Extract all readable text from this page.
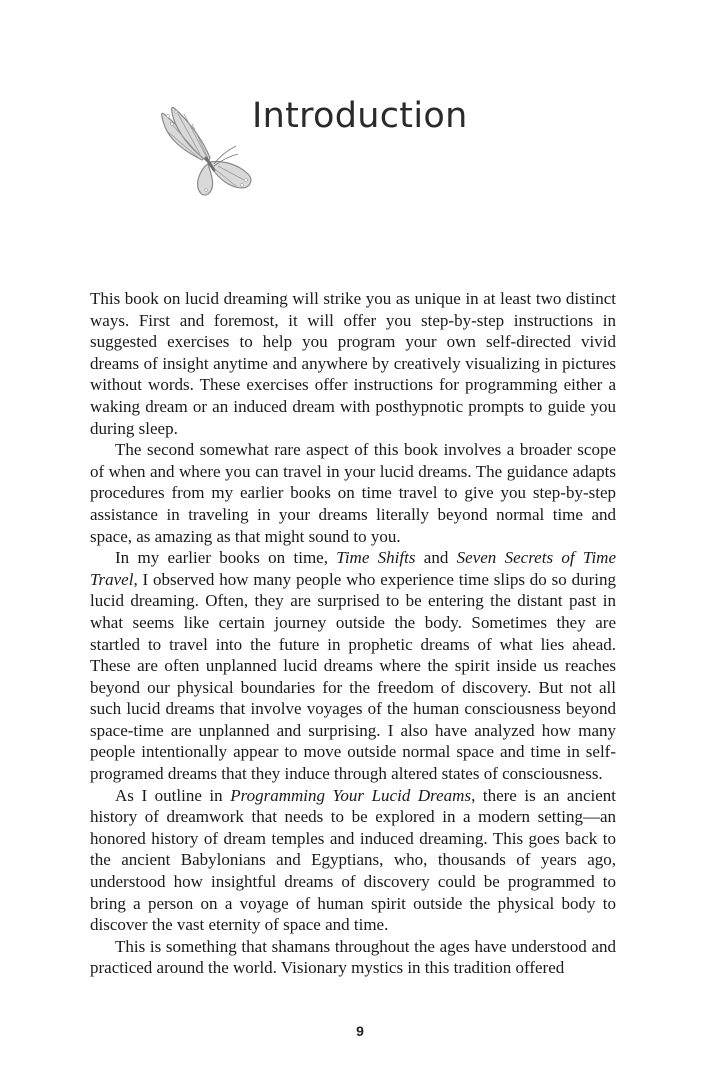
Introduction

This book on lucid dreaming will strike you as unique in at least two distinct ways. First and foremost, it will offer you step-by-step instructions in suggested exercises to help you program your own self-directed vivid dreams of insight anytime and anywhere by creatively visualizing in pictures without words. These exercises offer instructions for programming either a waking dream or an induced dream with posthypnotic prompts to guide you during sleep.

The second somewhat rare aspect of this book involves a broader scope of when and where you can travel in your lucid dreams. The guidance adapts procedures from my earlier books on time travel to give you step-by-step assistance in traveling in your dreams literally beyond normal time and space, as amazing as that might sound to you.

In my earlier books on time, Time Shifts and Seven Secrets of Time Travel, I observed how many people who experience time slips do so during lucid dreaming. Often, they are surprised to be entering the distant past in what seems like certain journey outside the body. Sometimes they are startled to travel into the future in prophetic dreams of what lies ahead. These are often unplanned lucid dreams where the spirit inside us reaches beyond our physical boundaries for the freedom of discovery. But not all such lucid dreams that involve voyages of the human consciousness beyond space-time are unplanned and surprising. I also have analyzed how many people intentionally appear to move outside normal space and time in self-programed dreams that they induce through altered states of consciousness.

As I outline in Programming Your Lucid Dreams, there is an ancient history of dreamwork that needs to be explored in a modern setting—an honored history of dream temples and induced dreaming. This goes back to the ancient Babylonians and Egyptians, who, thousands of years ago, understood how insightful dreams of discovery could be programmed to bring a person on a voyage of human spirit outside the physical body to discover the vast eternity of space and time.

This is something that shamans throughout the ages have understood and practiced around the world. Visionary mystics in this tradition offered

9
